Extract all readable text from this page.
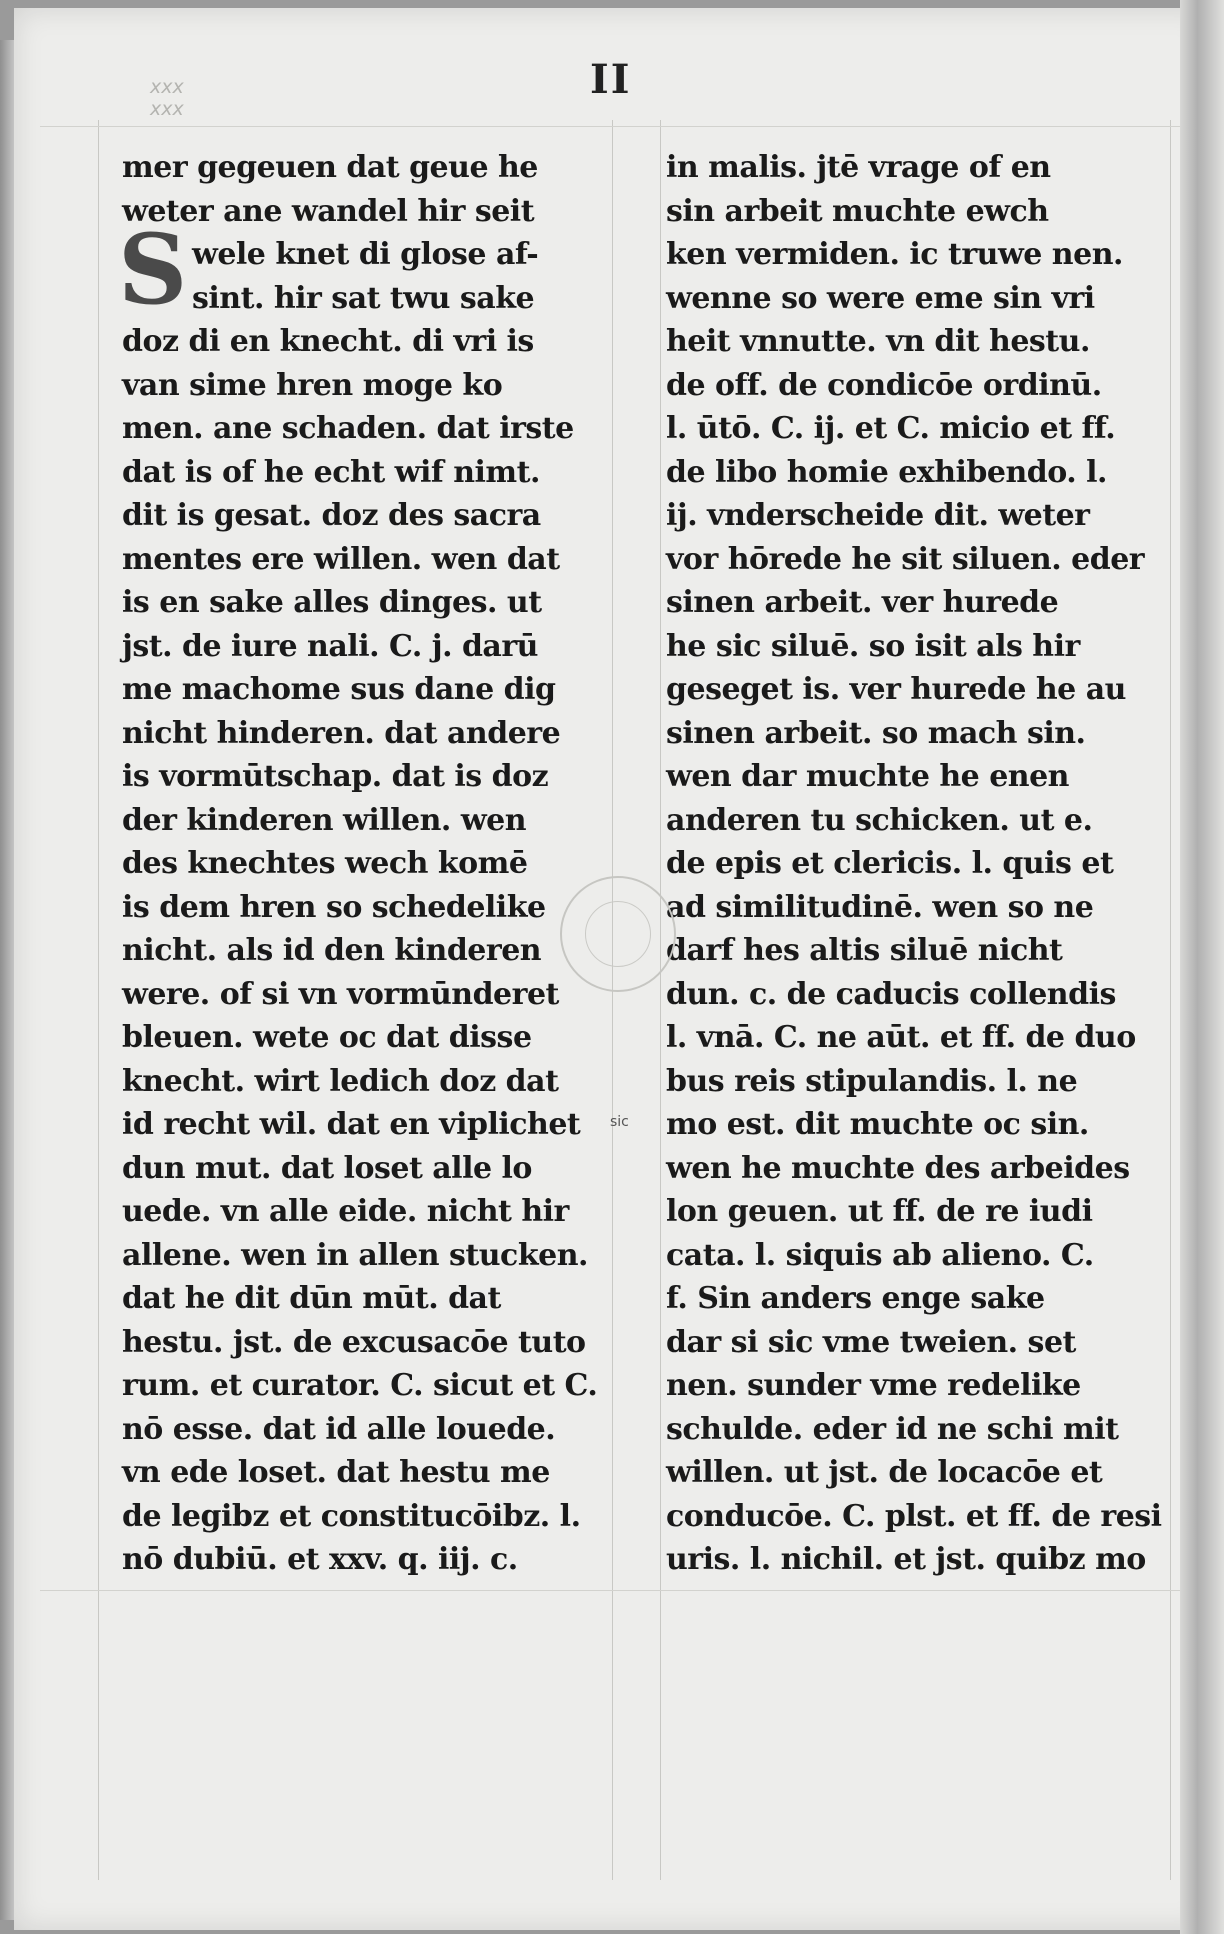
II
xxx
xxx
S
mer gegeuen dat geue he
weter ane wandel hir seit
wele knet di glose af-
sint. hir sat twu sake
doz di en knecht. di vri is
van sime hren moge ko
men. ane schaden. dat irste
dat is of he echt wif nimt.
dit is gesat. doz des sacra
mentes ere willen. wen dat
is en sake alles dinges. ut
jst. de iure nali. C. j. darū
me machome sus dane dig
nicht hinderen. dat andere
is vormūtschap. dat is doz
der kinderen willen. wen
des knechtes wech komē
is dem hren so schedelike
nicht. als id den kinderen
were. of si vn vormūnderet
bleuen. wete oc dat disse
knecht. wirt ledich doz dat
id recht wil. dat en viplichet
dun mut. dat loset alle lo
uede. vn alle eide. nicht hir
allene. wen in allen stucken.
dat he dit dūn mūt. dat
hestu. jst. de excusacōe tuto
rum. et curator. C. sicut et C.
nō esse. dat id alle louede.
vn ede loset. dat hestu me
de legibz et constitucōibz. l.
nō dubiū. et xxv. q. iij. c.
in malis. jtē vrage of en
sin arbeit muchte ewch
ken vermiden. ic truwe nen.
wenne so were eme sin vri
heit vnnutte. vn dit hestu.
de off. de condicōe ordinū.
l. ūtō. C. ij. et C. micio et ff.
de libo homie exhibendo. l.
ij. vnderscheide dit. weter
vor hōrede he sit siluen. eder
sinen arbeit. ver hurede
he sic siluē. so isit als hir
geseget is. ver hurede he au
sinen arbeit. so mach sin.
wen dar muchte he enen
anderen tu schicken. ut e.
de epis et clericis. l. quis et
ad similitudinē. wen so ne
darf hes altis siluē nicht
dun. c. de caducis collendis
l. vnā. C. ne aūt. et ff. de duo
bus reis stipulandis. l. ne
mo est. dit muchte oc sin.
wen he muchte des arbeides
lon geuen. ut ff. de re iudi
cata. l. siquis ab alieno. C.
f. Sin anders enge sake
dar si sic vme tweien. set
nen. sunder vme redelike
schulde. eder id ne schi mit
willen. ut jst. de locacōe et
conducōe. C. plst. et ff. de resi
uris. l. nichil. et jst. quibz mo
sic
